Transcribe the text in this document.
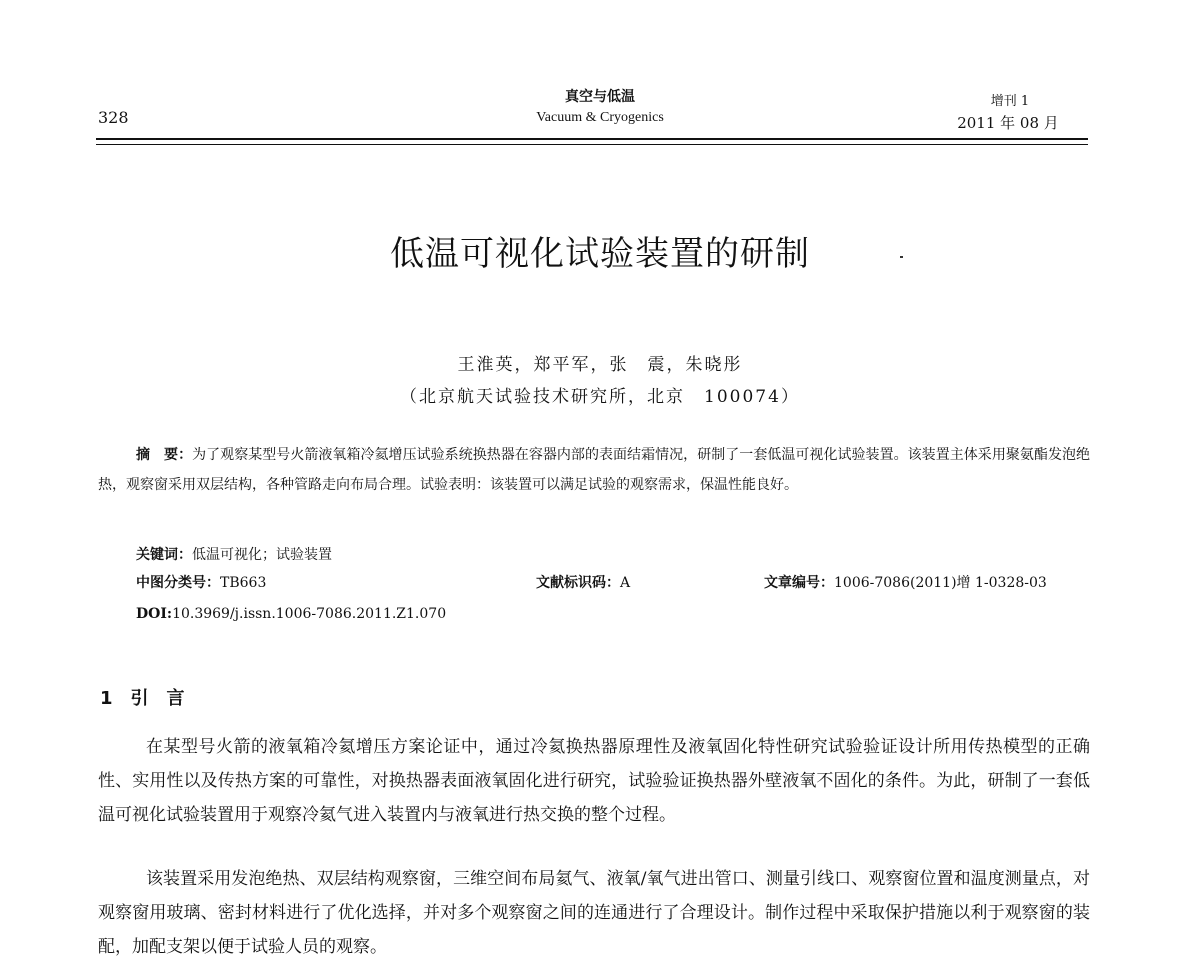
328
真空与低温
Vacuum & Cryogenics
增刊 1
2011 年 08 月
低温可视化试验装置的研制
王淮英，郑平军，张　震，朱晓彤
（北京航天试验技术研究所，北京　100074）
摘　要：为了观察某型号火箭液氧箱冷氦增压试验系统换热器在容器内部的表面结霜情况，研制了一套低温可视化试验装置。该装置主体采用聚氨酯发泡绝热，观察窗采用双层结构，各种管路走向布局合理。试验表明：该装置可以满足试验的观察需求，保温性能良好。
关键词：低温可视化；试验装置
中图分类号：TB663	文献标识码：A	文章编号：1006-7086(2011)增 1-0328-03
DOI:10.3969/j.issn.1006-7086.2011.Z1.070
1　引　言

在某型号火箭的液氧箱冷氦增压方案论证中，通过冷氦换热器原理性及液氧固化特性研究试验验证设计所用传热模型的正确性、实用性以及传热方案的可靠性，对换热器表面液氧固化进行研究，试验验证换热器外壁液氧不固化的条件。为此，研制了一套低温可视化试验装置用于观察冷氦气进入装置内与液氧进行热交换的整个过程。

该装置采用发泡绝热、双层结构观察窗，三维空间布局氦气、液氧/氧气进出管口、测量引线口、观察窗位置和温度测量点，对观察窗用玻璃、密封材料进行了优化选择，并对多个观察窗之间的连通进行了合理设计。制作过程中采取保护措施以利于观察窗的装配，加配支架以便于试验人员的观察。
